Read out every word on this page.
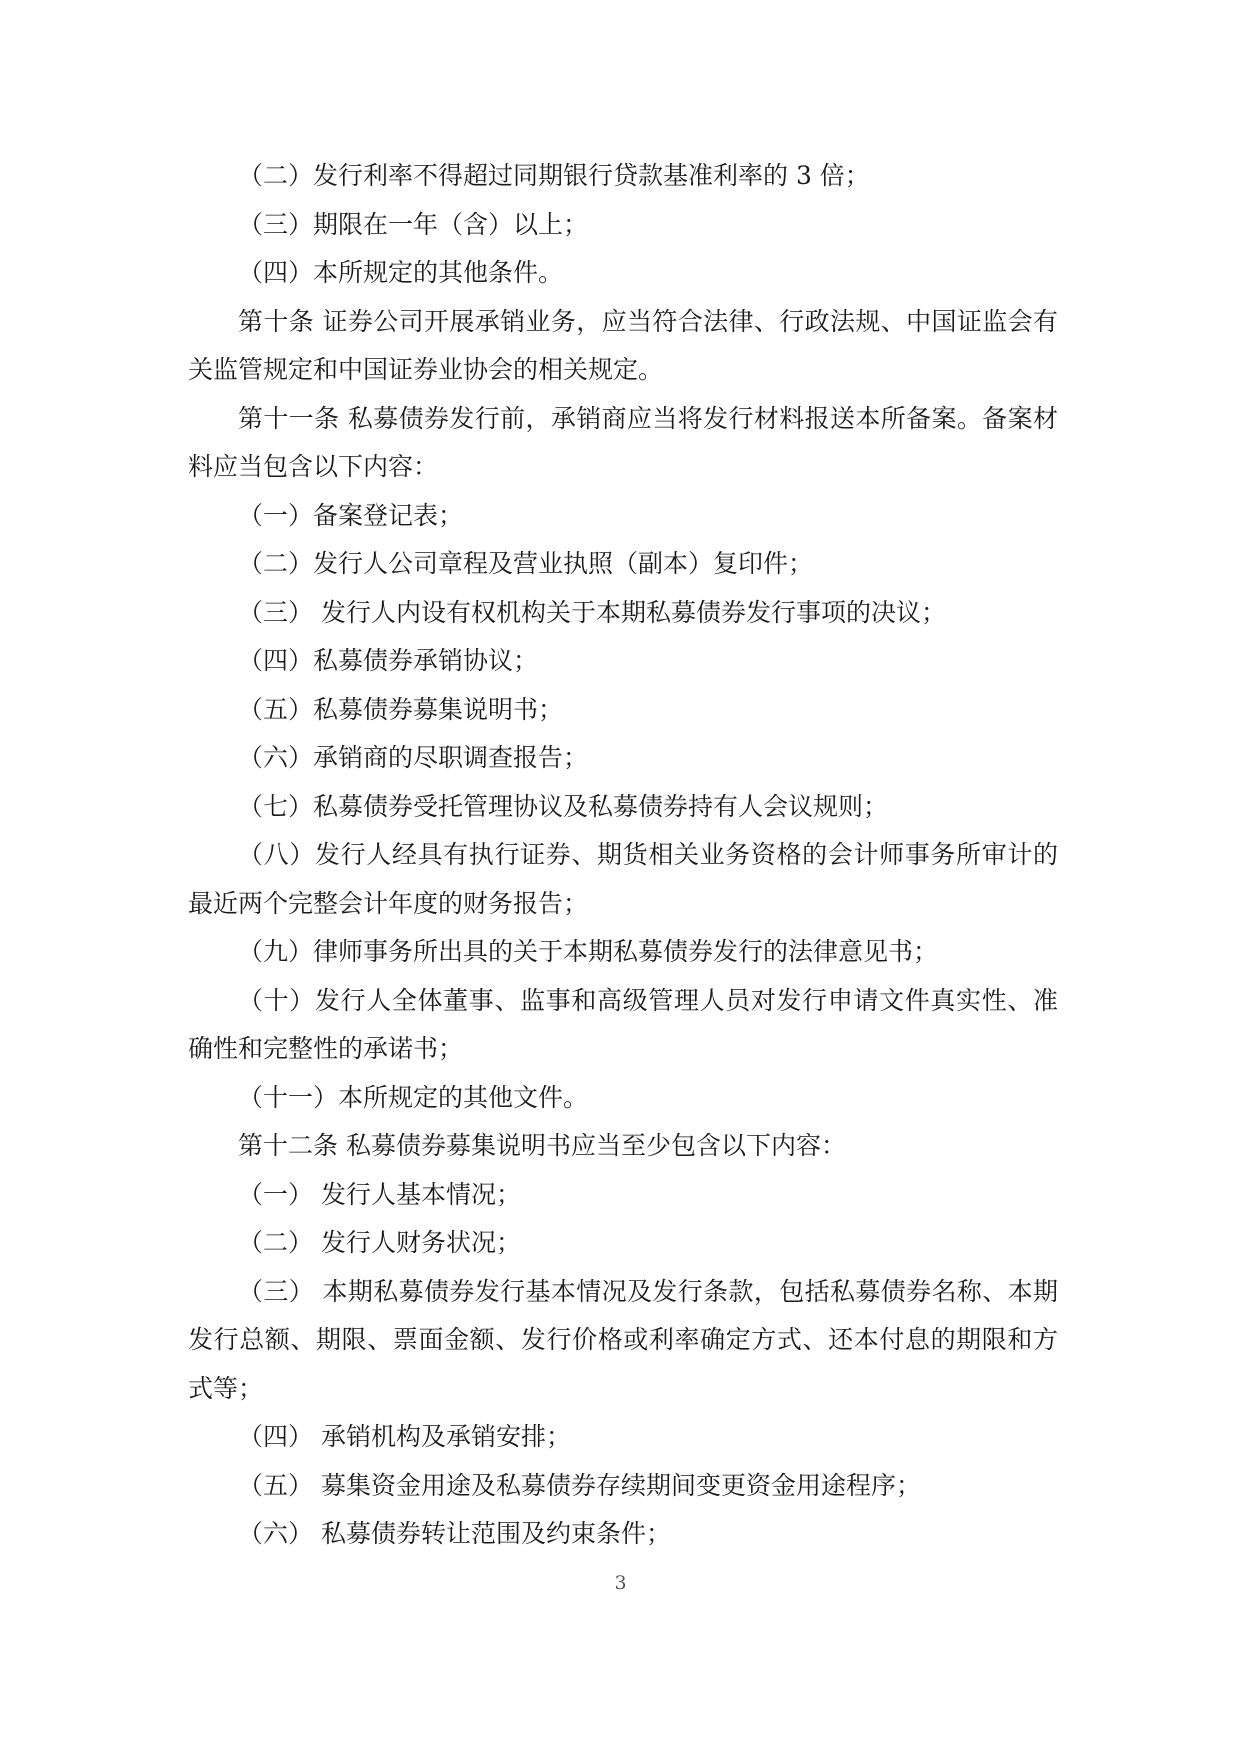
（二）发行利率不得超过同期银行贷款基准利率的 3 倍；

（三）期限在一年（含）以上；

（四）本所规定的其他条件。

第十条 证券公司开展承销业务，应当符合法律、行政法规、中国证监会有关监管规定和中国证券业协会的相关规定。

第十一条 私募债券发行前，承销商应当将发行材料报送本所备案。备案材料应当包含以下内容：

（一）备案登记表；

（二）发行人公司章程及营业执照（副本）复印件；

（三） 发行人内设有权机构关于本期私募债券发行事项的决议；

（四）私募债券承销协议；

（五）私募债券募集说明书；

（六）承销商的尽职调查报告；

（七）私募债券受托管理协议及私募债券持有人会议规则；

（八）发行人经具有执行证券、期货相关业务资格的会计师事务所审计的最近两个完整会计年度的财务报告；

（九）律师事务所出具的关于本期私募债券发行的法律意见书；

（十）发行人全体董事、监事和高级管理人员对发行申请文件真实性、准确性和完整性的承诺书；

（十一）本所规定的其他文件。

第十二条 私募债券募集说明书应当至少包含以下内容：

（一） 发行人基本情况；

（二） 发行人财务状况；

（三） 本期私募债券发行基本情况及发行条款，包括私募债券名称、本期发行总额、期限、票面金额、发行价格或利率确定方式、还本付息的期限和方式等；

（四） 承销机构及承销安排；

（五） 募集资金用途及私募债券存续期间变更资金用途程序；

（六） 私募债券转让范围及约束条件；

3
